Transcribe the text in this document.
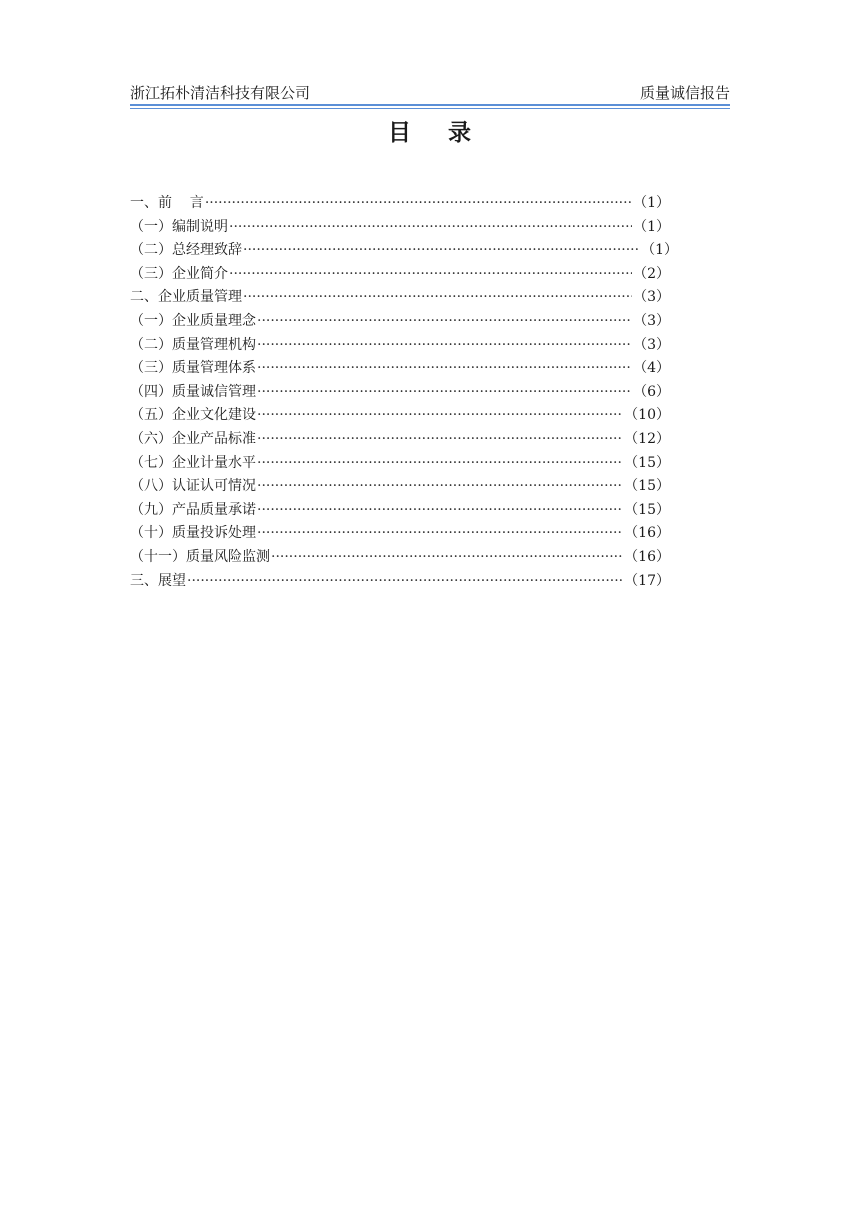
浙江拓朴清洁科技有限公司	质量诚信报告
目    录
一、前    言 ·····	（1）
（一）编制说明 ·····	（1）
（二）总经理致辞 ·····	（1）
（三）企业简介 ·····	（2）
二、企业质量管理 ·····	（3）
（一）企业质量理念 ·····	（3）
（二）质量管理机构 ·····	（3）
（三）质量管理体系 ·····	（4）
（四）质量诚信管理 ·····	（6）
（五）企业文化建设 ·····	（10）
（六）企业产品标准 ·····	（12）
（七）企业计量水平 ·····	（15）
（八）认证认可情况 ·····	（15）
（九）产品质量承诺 ·····	（15）
（十）质量投诉处理 ·····	（16）
（十一）质量风险监测 ·····	（16）
三、展望 ·····	（17）
